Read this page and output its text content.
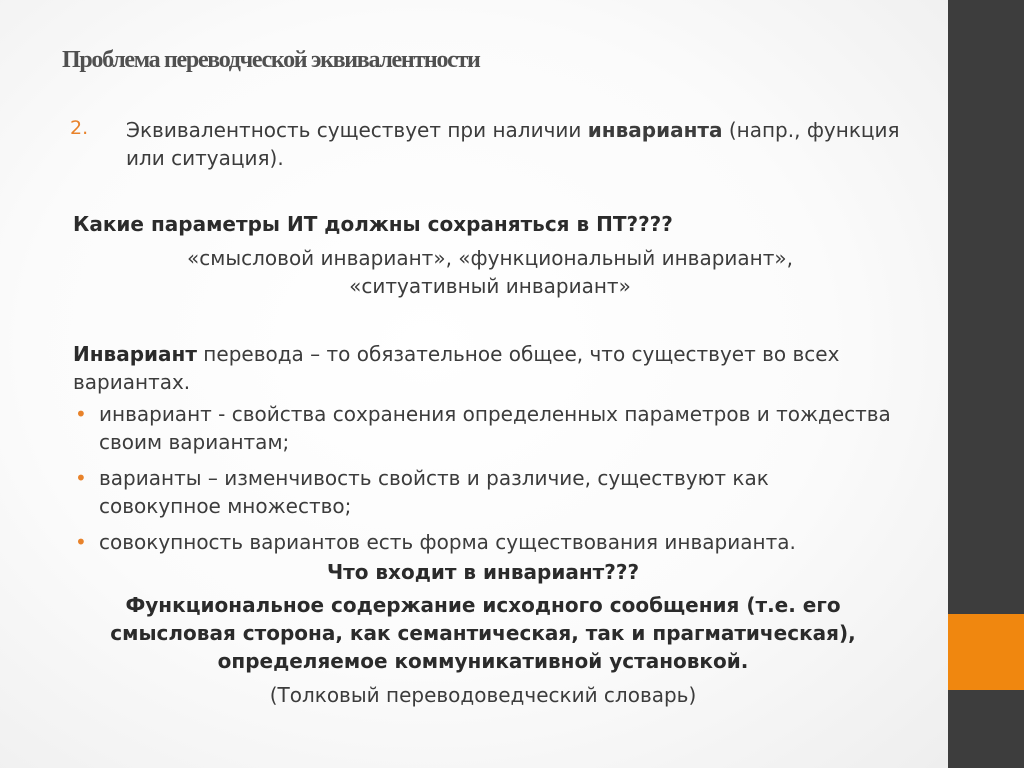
Проблема переводческой эквивалентности
2. Эквивалентность существует при наличии инварианта (напр., функция или ситуация).
Какие параметры ИТ должны сохраняться в ПТ????
«смысловой инвариант», «функциональный инвариант»,
«ситуативный инвариант»
Инвариант перевода – то обязательное общее, что существует во всех вариантах.
• инвариант - свойства сохранения определенных параметров и тождества своим вариантам;
• варианты – изменчивость свойств и различие, существуют как совокупное множество;
• совокупность вариантов есть форма существования инварианта.
Что входит в инвариант???
Функциональное содержание исходного сообщения (т.е. его смысловая сторона, как семантическая, так и прагматическая), определяемое коммуникативной установкой.
(Толковый переводоведческий словарь)
